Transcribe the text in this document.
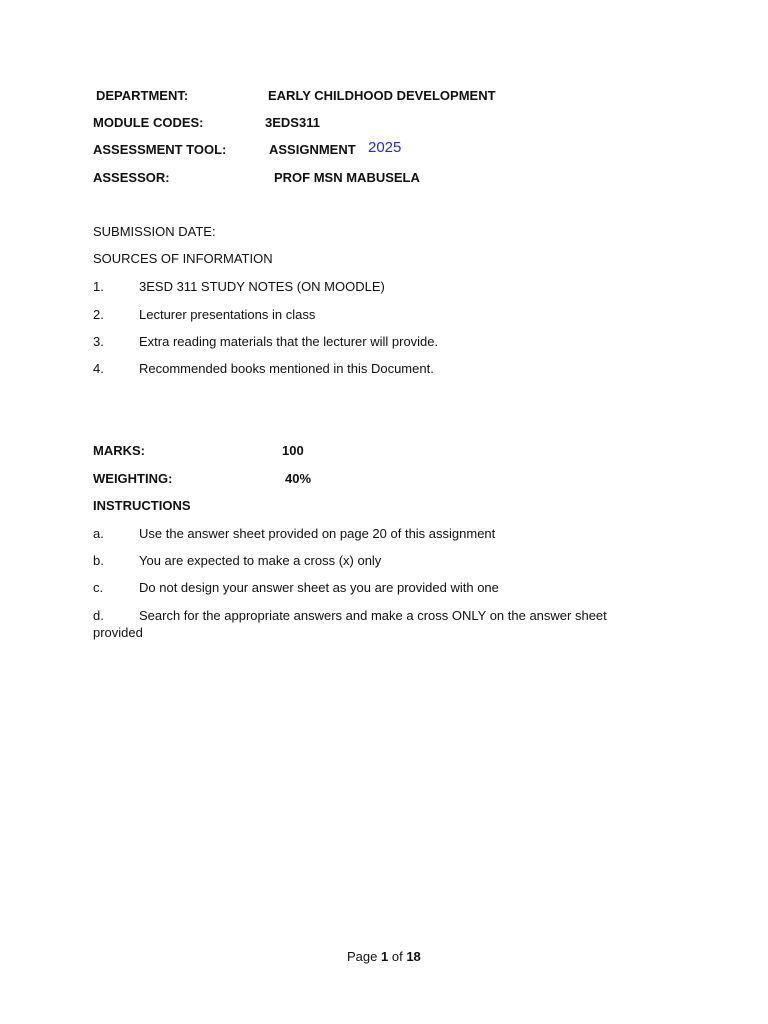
DEPARTMENT:	EARLY CHILDHOOD DEVELOPMENT
MODULE CODES:	3EDS311
ASSESSMENT TOOL:	ASSIGNMENT 2025
ASSESSOR:	PROF MSN MABUSELA
SUBMISSION DATE:
SOURCES OF INFORMATION
1.	3ESD 311 STUDY NOTES (ON MOODLE)
2.	Lecturer presentations in class
3.	Extra reading materials that the lecturer will provide.
4.	Recommended books mentioned in this Document.
MARKS:	100
WEIGHTING:	40%
INSTRUCTIONS
a.	Use the answer sheet provided on page 20 of this assignment
b.	You are expected to make a cross (x) only
c.	Do not design your answer sheet as you are provided with one
d.	Search for the appropriate answers and make a cross ONLY on the answer sheet
provided
Page 1 of 18
